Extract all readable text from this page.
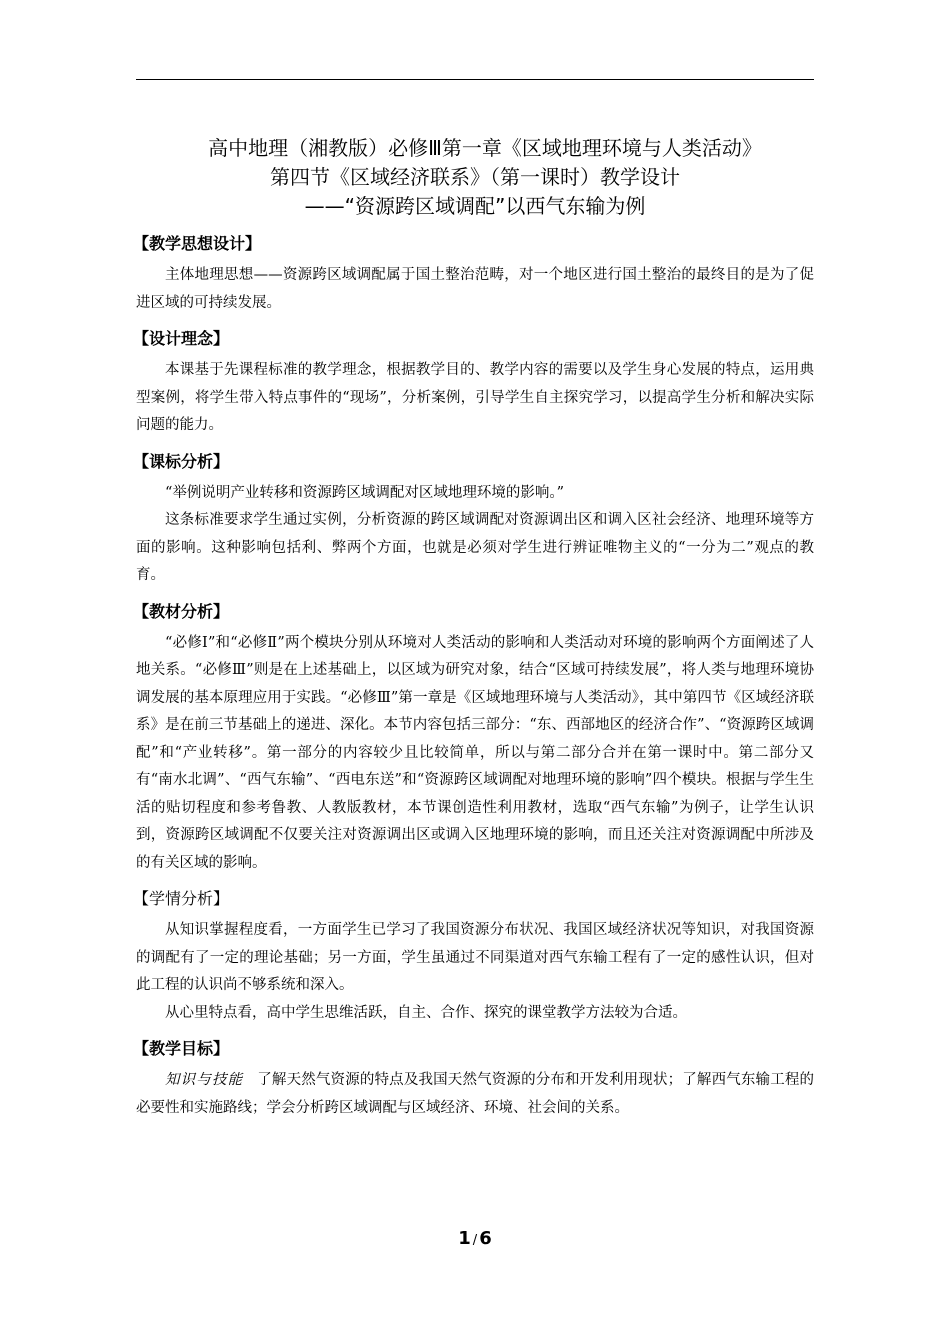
高中地理（湘教版）必修Ⅲ第一章《区域地理环境与人类活动》
第四节《区域经济联系》（第一课时）教学设计
——“资源跨区域调配”以西气东输为例
【教学思想设计】

主体地理思想——资源跨区域调配属于国土整治范畴，对一个地区进行国土整治的最终目的是为了促进区域的可持续发展。

【设计理念】

本课基于先课程标准的教学理念，根据教学目的、教学内容的需要以及学生身心发展的特点，运用典型案例，将学生带入特点事件的“现场”，分析案例，引导学生自主探究学习，以提高学生分析和解决实际问题的能力。

【课标分析】

“举例说明产业转移和资源跨区域调配对区域地理环境的影响。”

这条标准要求学生通过实例，分析资源的跨区域调配对资源调出区和调入区社会经济、地理环境等方面的影响。这种影响包括利、弊两个方面，也就是必须对学生进行辨证唯物主义的“一分为二”观点的教育。

【教材分析】

“必修Ⅰ”和“必修Ⅱ”两个模块分别从环境对人类活动的影响和人类活动对环境的影响两个方面阐述了人地关系。“必修Ⅲ”则是在上述基础上，以区域为研究对象，结合“区域可持续发展”，将人类与地理环境协调发展的基本原理应用于实践。“必修Ⅲ”第一章是《区域地理环境与人类活动》，其中第四节《区域经济联系》是在前三节基础上的递进、深化。本节内容包括三部分：“东、西部地区的经济合作”、“资源跨区域调配”和“产业转移”。第一部分的内容较少且比较简单，所以与第二部分合并在第一课时中。第二部分又有“南水北调”、“西气东输”、“西电东送”和“资源跨区域调配对地理环境的影响”四个模块。根据与学生生活的贴切程度和参考鲁教、人教版教材，本节课创造性利用教材，选取“西气东输”为例子，让学生认识到，资源跨区域调配不仅要关注对资源调出区或调入区地理环境的影响，而且还关注对资源调配中所涉及的有关区域的影响。

【学情分析】

从知识掌握程度看，一方面学生已学习了我国资源分布状况、我国区域经济状况等知识，对我国资源的调配有了一定的理论基础；另一方面，学生虽通过不同渠道对西气东输工程有了一定的感性认识，但对此工程的认识尚不够系统和深入。

从心里特点看，高中学生思维活跃，自主、合作、探究的课堂教学方法较为合适。

【教学目标】

知识与技能 了解天然气资源的特点及我国天然气资源的分布和开发利用现状；了解西气东输工程的必要性和实施路线；学会分析跨区域调配与区域经济、环境、社会间的关系。

1 / 6
